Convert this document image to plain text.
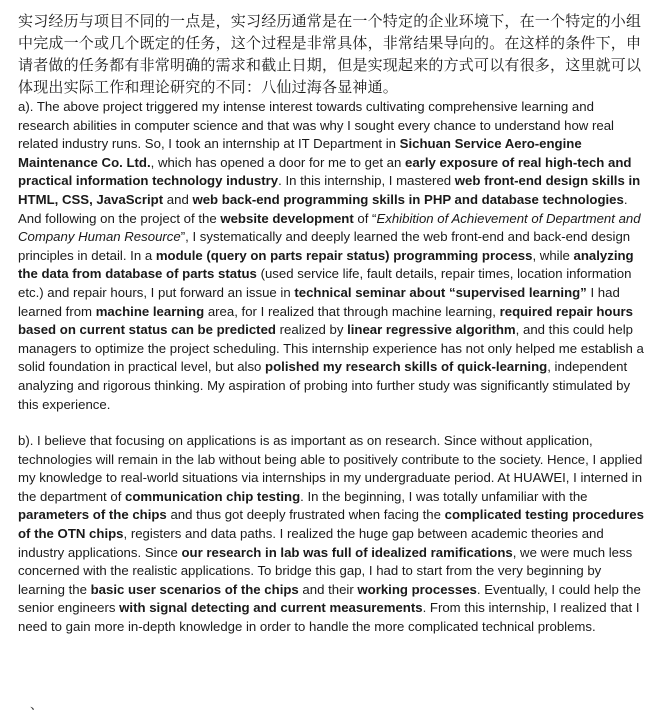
实习经历与项目不同的一点是，实习经历通常是在一个特定的企业环境下，在一个特定的小组中完成一个或几个既定的任务，这个过程是非常具体，非常结果导向的。在这样的条件下，申请者做的任务都有非常明确的需求和截止日期，但是实现起来的方式可以有很多，这里就可以体现出实际工作和理论研究的不同：八仙过海各显神通。

a). The above project triggered my intense interest towards cultivating comprehensive learning and research abilities in computer science and that was why I sought every chance to understand how real related industry runs. So, I took an internship at IT Department in Sichuan Service Aero-engine Maintenance Co. Ltd., which has opened a door for me to get an early exposure of real high-tech and practical information technology industry. In this internship, I mastered web front-end design skills in HTML, CSS, JavaScript and web back-end programming skills in PHP and database technologies. And following on the project of the website development of “Exhibition of Achievement of Department and Company Human Resource”, I systematically and deeply learned the web front-end and back-end design principles in detail. In a module (query on parts repair status) programming process, while analyzing the data from database of parts status (used service life, fault details, repair times, location information etc.) and repair hours, I put forward an issue in technical seminar about “supervised learning” I had learned from machine learning area, for I realized that through machine learning, required repair hours based on current status can be predicted realized by linear regressive algorithm, and this could help managers to optimize the project scheduling. This internship experience has not only helped me establish a solid foundation in practical level, but also polished my research skills of quick-learning, independent analyzing and rigorous thinking. My aspiration of probing into further study was significantly stimulated by this experience.

b). I believe that focusing on applications is as important as on research. Since without application, technologies will remain in the lab without being able to positively contribute to the society. Hence, I applied my knowledge to real-world situations via internships in my undergraduate period. At HUAWEI, I interned in the department of communication chip testing. In the beginning, I was totally unfamiliar with the parameters of the chips and thus got deeply frustrated when facing the complicated testing procedures of the OTN chips, registers and data paths. I realized the huge gap between academic theories and industry applications. Since our research in lab was full of idealized ramifications, we were much less concerned with the realistic applications. To bridge this gap, I had to start from the very beginning by learning the basic user scenarios of the chips and their working processes. Eventually, I could help the senior engineers with signal detecting and current measurements. From this internship, I realized that I need to gain more in-depth knowledge in order to handle the more complicated technical problems.

、
